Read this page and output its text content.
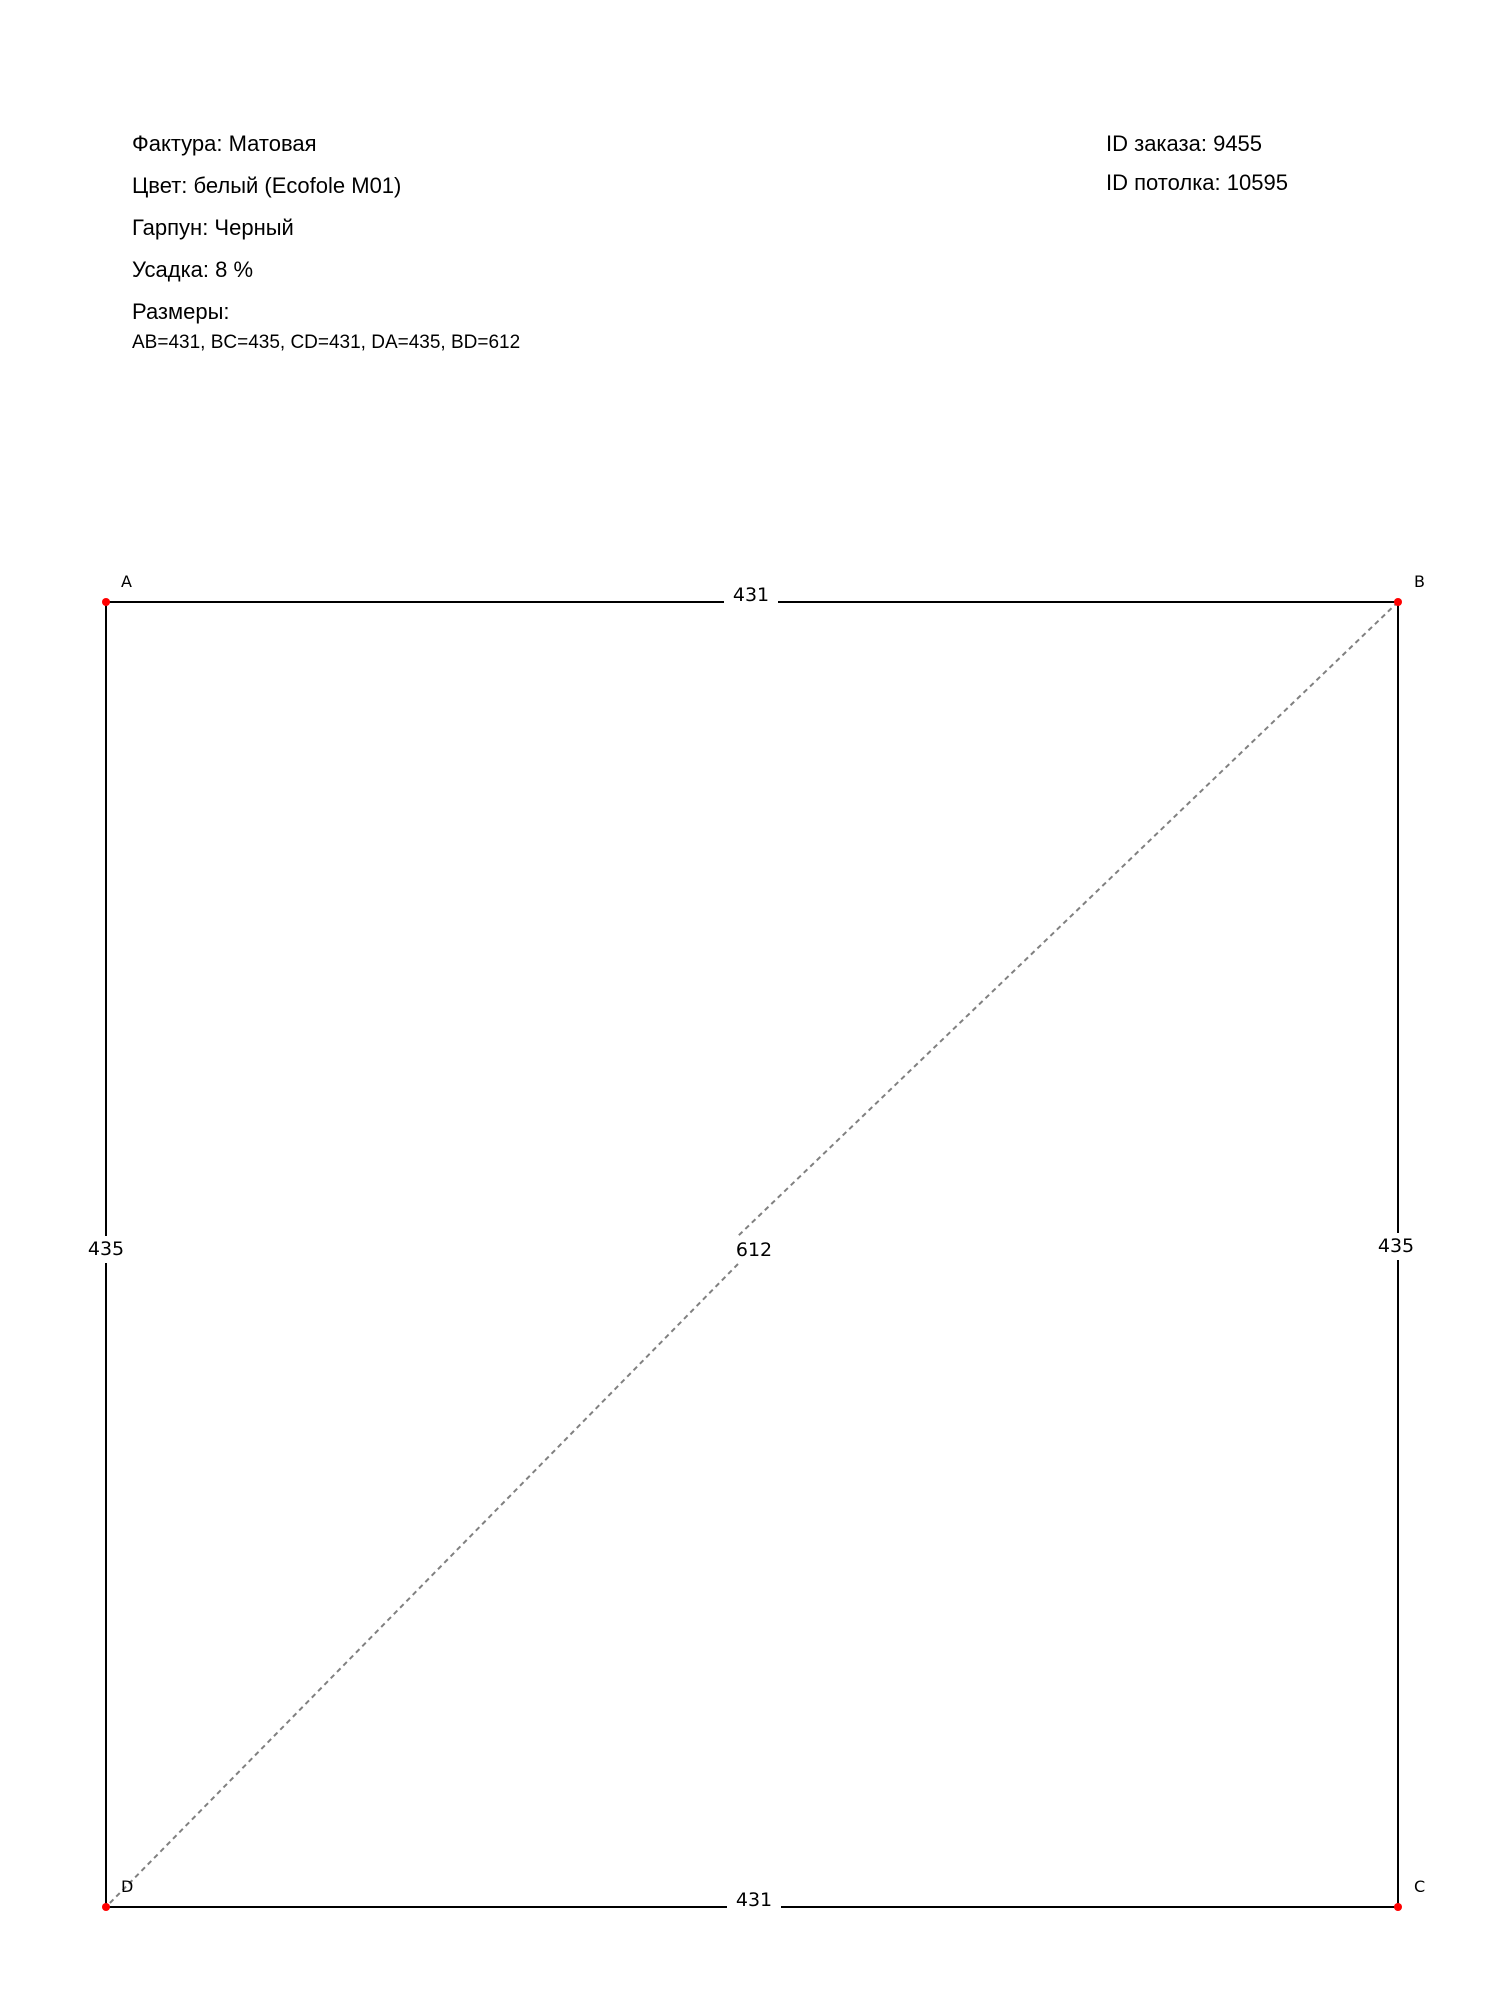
Фактура: Матовая
Цвет: белый (Ecofole M01)
Гарпун: Черный
Усадка: 8 %
Размеры:
AB=431, BC=435, CD=431, DA=435, BD=612
ID заказа: 9455
ID потолка: 10595
612
431
435
431
435
A	B
C
D
